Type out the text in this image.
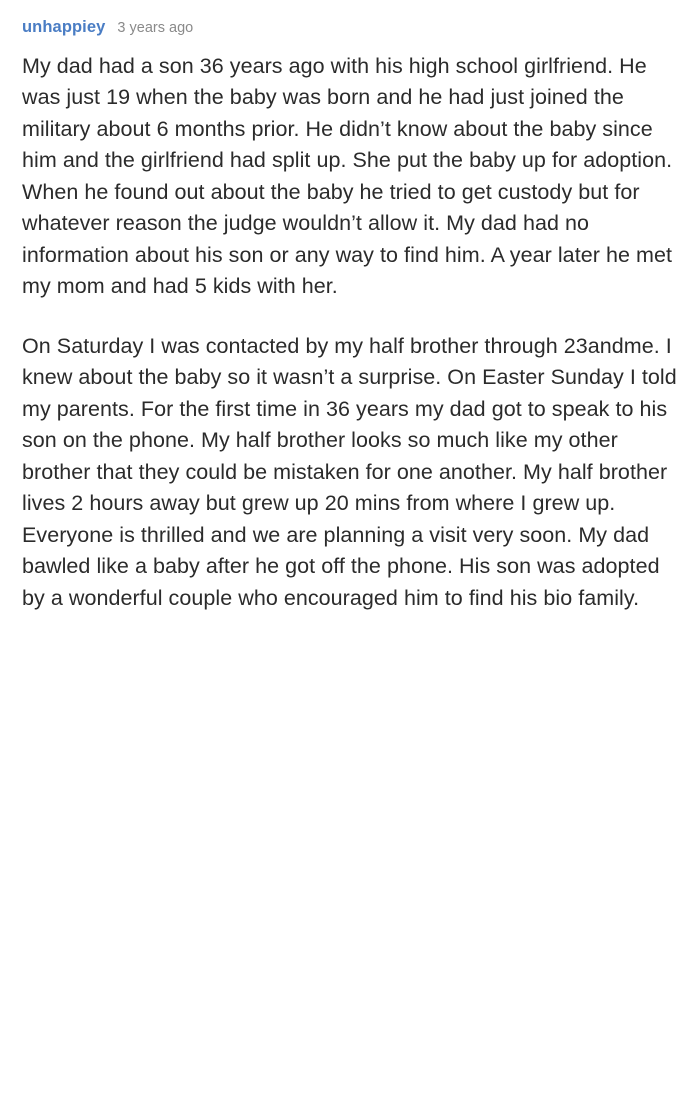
unhappiey 3 years ago

My dad had a son 36 years ago with his high school girlfriend. He was just 19 when the baby was born and he had just joined the military about 6 months prior. He didn’t know about the baby since him and the girlfriend had split up. She put the baby up for adoption. When he found out about the baby he tried to get custody but for whatever reason the judge wouldn’t allow it. My dad had no information about his son or any way to find him. A year later he met my mom and had 5 kids with her.

On Saturday I was contacted by my half brother through 23andme. I knew about the baby so it wasn’t a surprise. On Easter Sunday I told my parents. For the first time in 36 years my dad got to speak to his son on the phone. My half brother looks so much like my other brother that they could be mistaken for one another. My half brother lives 2 hours away but grew up 20 mins from where I grew up. Everyone is thrilled and we are planning a visit very soon. My dad bawled like a baby after he got off the phone. His son was adopted by a wonderful couple who encouraged him to find his bio family.
